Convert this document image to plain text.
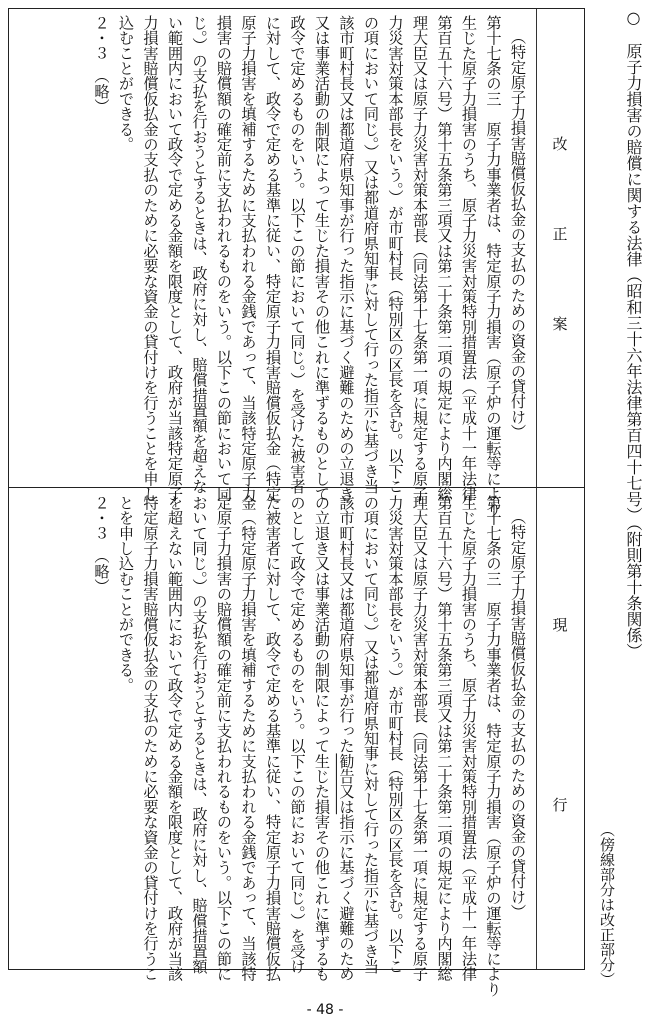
○　原子力損害の賠償に関する法律（昭和三十六年法律第百四十七号）（附則第十条関係）
（傍線部分は改正部分）
改　正　案
現　　　行
（特定原子力損害賠償仮払金の支払のための資金の貸付け）
第十七条の三　原子力事業者は、特定原子力損害（原子炉の運転等により
生じた原子力損害のうち、原子力災害対策特別措置法（平成十一年法律
第百五十六号）第十五条第三項又は第二十条第二項の規定により内閣総
理大臣又は原子力災害対策本部長（同法第十七条第一項に規定する原子
力災害対策本部長をいう。）が市町村長（特別区の区長を含む。以下こ
の項において同じ。）又は都道府県知事に対して行った指示に基づき当
該市町村長又は都道府県知事が行った指示に基づく避難のための立退き
又は事業活動の制限によって生じた損害その他これに準ずるものとして
政令で定めるものをいう。以下この節において同じ。）を受けた被害者
に対して、政令で定める基準に従い、特定原子力損害賠償仮払金（特定
原子力損害を填補するために支払われる金銭であって、当該特定原子力
損害の賠償額の確定前に支払われるものをいう。以下この節において同
じ。）の支払を行おうとするときは、政府に対し、賠償措置額を超えな
い範囲内において政令で定める金額を限度として、政府が当該特定原子
力損害賠償仮払金の支払のために必要な資金の貸付けを行うことを申し
込むことができる。
２・３　（略）
（特定原子力損害賠償仮払金の支払のための資金の貸付け）
第十七条の三　原子力事業者は、特定原子力損害（原子炉の運転等により
生じた原子力損害のうち、原子力災害対策特別措置法（平成十一年法律
第百五十六号）第十五条第三項又は第二十条第二項の規定により内閣総
理大臣又は原子力災害対策本部長（同法第十七条第一項に規定する原子
力災害対策本部長をいう。）が市町村長（特別区の区長を含む。以下こ
の項において同じ。）又は都道府県知事に対して行った指示に基づき当
該市町村長又は都道府県知事が行った勧告又は指示に基づく避難のため
の立退き又は事業活動の制限によって生じた損害その他これに準ずるも
のとして政令で定めるものをいう。以下この節において同じ。）を受け
た被害者に対して、政令で定める基準に従い、特定原子力損害賠償仮払
金（特定原子力損害を填補するために支払われる金銭であって、当該特
定原子力損害の賠償額の確定前に支払われるものをいう。以下この節に
おいて同じ。）の支払を行おうとするときは、政府に対し、賠償措置額
を超えない範囲内において政令で定める金額を限度として、政府が当該
特定原子力損害賠償仮払金の支払のために必要な資金の貸付けを行うこ
とを申し込むことができる。
２・３　（略）
- 48 -
